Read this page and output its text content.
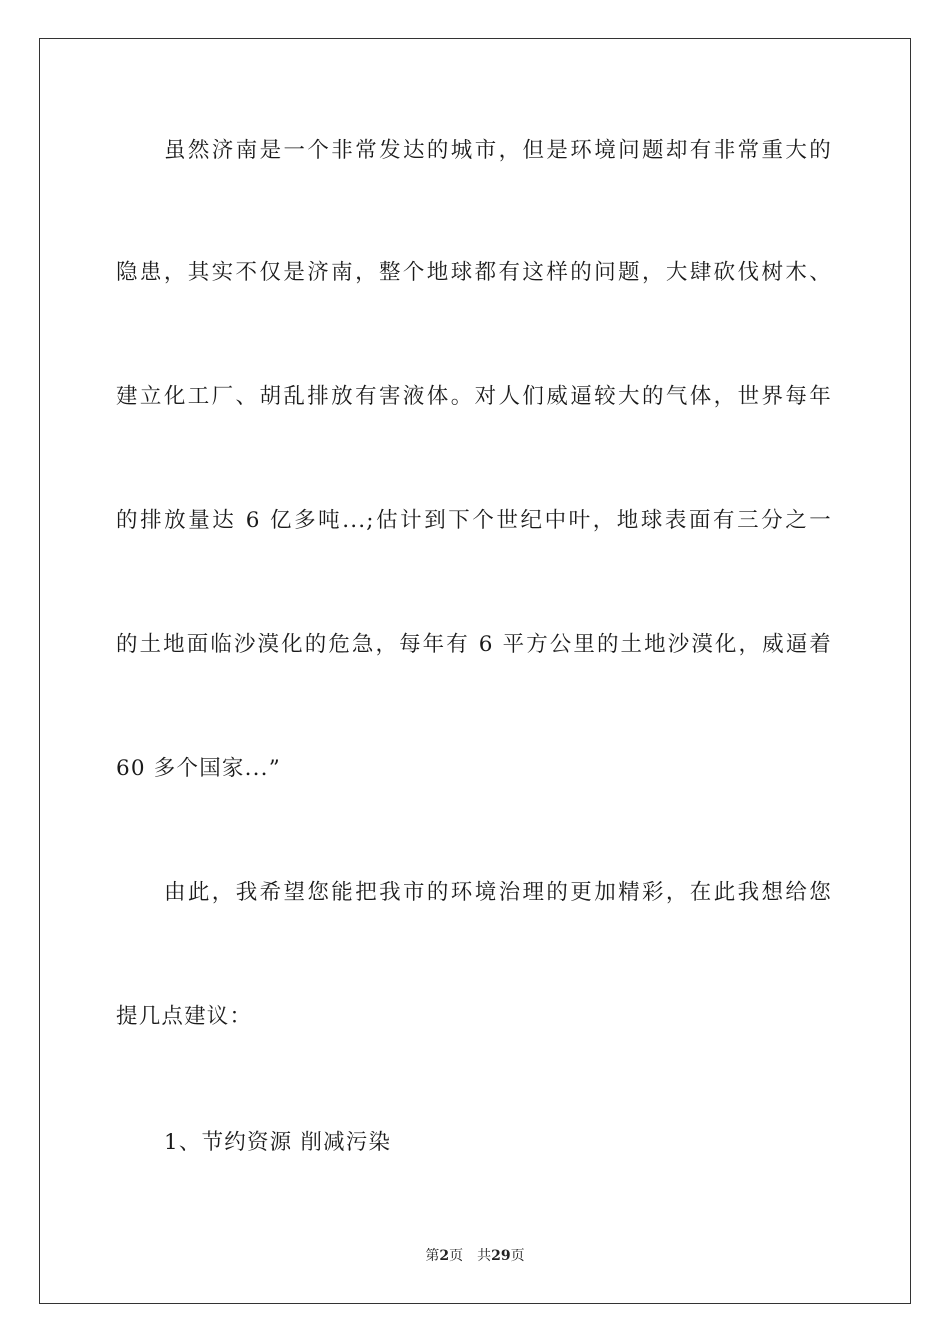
虽然济南是一个非常发达的城市，但是环境问题却有非常重大的
隐患，其实不仅是济南，整个地球都有这样的问题，大肆砍伐树木、
建立化工厂、胡乱排放有害液体。对人们威逼较大的气体，世界每年
的排放量达 6 亿多吨...;估计到下个世纪中叶，地球表面有三分之一
的土地面临沙漠化的危急，每年有 6 平方公里的土地沙漠化，威逼着
60 多个国家...”
由此，我希望您能把我市的环境治理的更加精彩，在此我想给您
提几点建议：
1、节约资源 削减污染
第2页 共29页
